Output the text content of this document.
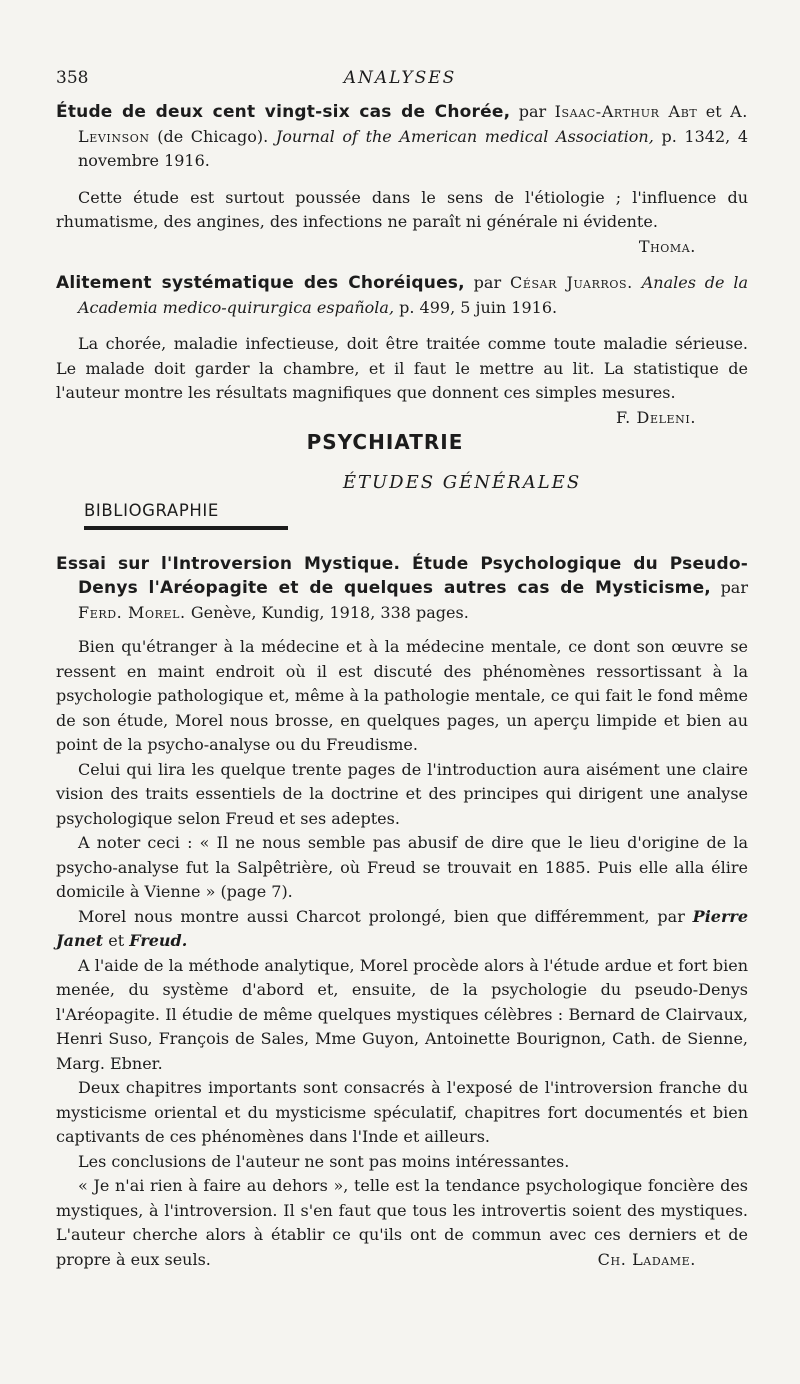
358	ANALYSES

Étude de deux cent vingt-six cas de Chorée, par Isaac-Arthur Abt et A. Levinson (de Chicago). Journal of the American medical Association, p. 1342, 4 novembre 1916.

Cette étude est surtout poussée dans le sens de l'étiologie ; l'influence du rhumatisme, des angines, des infections ne paraît ni générale ni évidente.

Thoma.

Alitement systématique des Choréiques, par César Juarros. Anales de la Academia medico-quirurgica española, p. 499, 5 juin 1916.

La chorée, maladie infectieuse, doit être traitée comme toute maladie sérieuse. Le malade doit garder la chambre, et il faut le mettre au lit. La statistique de l'auteur montre les résultats magnifiques que donnent ces simples mesures.
F. Deleni.

PSYCHIATRIE
ÉTUDES GÉNÉRALES
BIBLIOGRAPHIE

Essai sur l'Introversion Mystique. Étude Psychologique du Pseudo-Denys l'Aréopagite et de quelques autres cas de Mysticisme, par Ferd. Morel. Genève, Kundig, 1918, 338 pages.

Bien qu'étranger à la médecine et à la médecine mentale, ce dont son œuvre se ressent en maint endroit où il est discuté des phénomènes ressortissant à la psychologie pathologique et, même à la pathologie mentale, ce qui fait le fond même de son étude, Morel nous brosse, en quelques pages, un aperçu limpide et bien au point de la psycho-analyse ou du Freudisme.

Celui qui lira les quelque trente pages de l'introduction aura aisément une claire vision des traits essentiels de la doctrine et des principes qui dirigent une analyse psychologique selon Freud et ses adeptes.

A noter ceci : « Il ne nous semble pas abusif de dire que le lieu d'origine de la psycho-analyse fut la Salpêtrière, où Freud se trouvait en 1885. Puis elle alla élire domicile à Vienne » (page 7).

Morel nous montre aussi Charcot prolongé, bien que différemment, par Pierre Janet et Freud.

A l'aide de la méthode analytique, Morel procède alors à l'étude ardue et fort bien menée, du système d'abord et, ensuite, de la psychologie du pseudo-Denys l'Aréopagite. Il étudie de même quelques mystiques célèbres : Bernard de Clairvaux, Henri Suso, François de Sales, Mme Guyon, Antoinette Bourignon, Cath. de Sienne, Marg. Ebner.

Deux chapitres importants sont consacrés à l'exposé de l'introversion franche du mysticisme oriental et du mysticisme spéculatif, chapitres fort documentés et bien captivants de ces phénomènes dans l'Inde et ailleurs.

Les conclusions de l'auteur ne sont pas moins intéressantes.

« Je n'ai rien à faire au dehors », telle est la tendance psychologique foncière des mystiques, à l'introversion. Il s'en faut que tous les introvertis soient des mystiques. L'auteur cherche alors à établir ce qu'ils ont de commun avec ces derniers et de propre à eux seuls.	Ch. Ladame.
